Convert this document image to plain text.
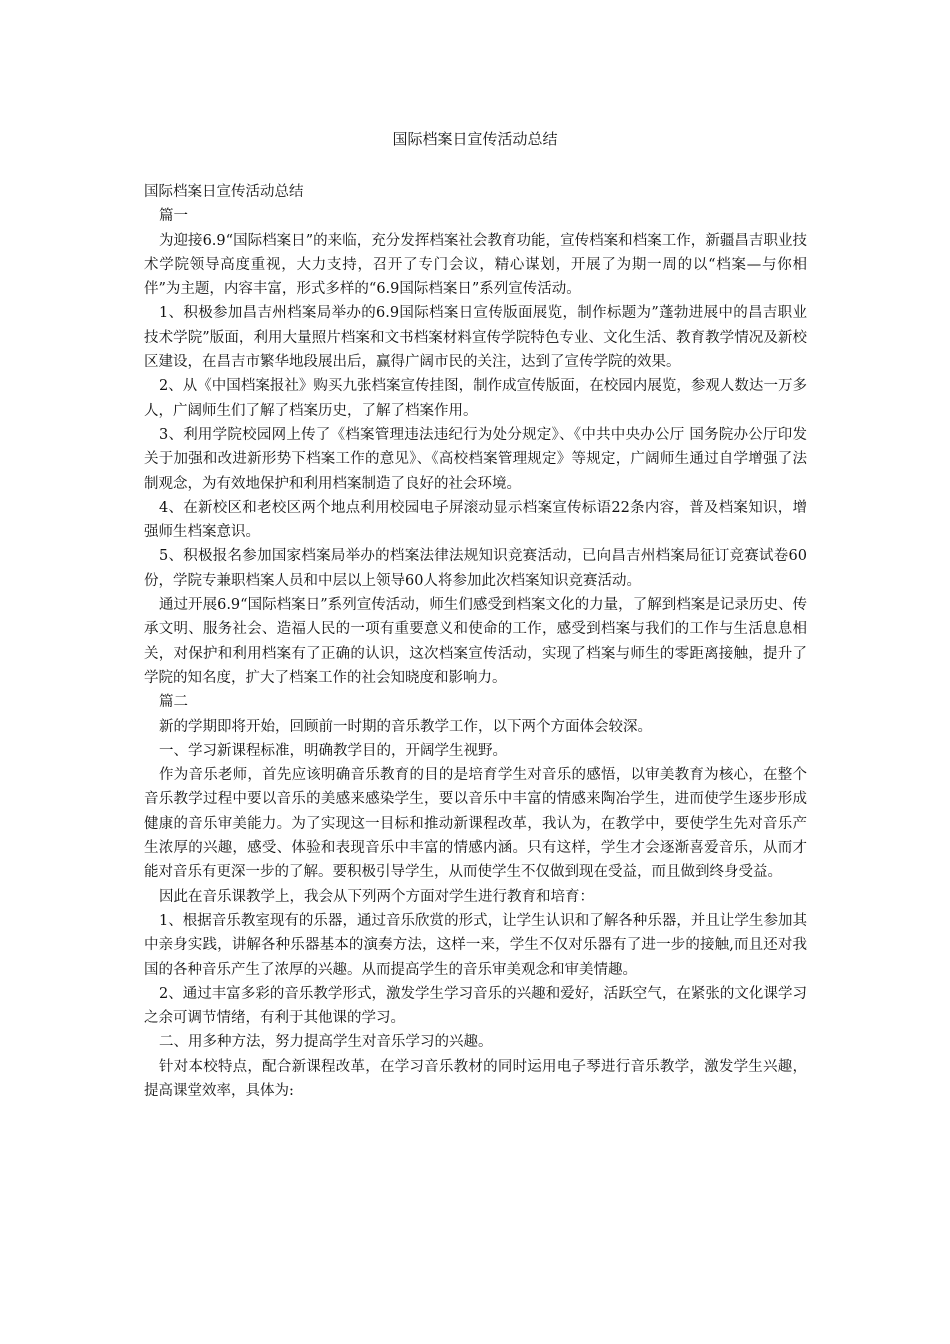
国际档案日宣传活动总结

国际档案日宣传活动总结

篇一

为迎接6.9“国际档案日”的来临，充分发挥档案社会教育功能，宣传档案和档案工作，新疆昌吉职业技术学院领导高度重视，大力支持，召开了专门会议，精心谋划，开展了为期一周的以“档案—与你相伴”为主题，内容丰富，形式多样的“6.9国际档案日”系列宣传活动。

1、积极参加昌吉州档案局举办的6.9国际档案日宣传版面展览，制作标题为”蓬勃进展中的昌吉职业技术学院”版面，利用大量照片档案和文书档案材料宣传学院特色专业、文化生活、教育教学情况及新校区建设，在昌吉市繁华地段展出后，赢得广阔市民的关注，达到了宣传学院的效果。

2、从《中国档案报社》购买九张档案宣传挂图，制作成宣传版面，在校园内展览，参观人数达一万多人，广阔师生们了解了档案历史，了解了档案作用。

3、利用学院校园网上传了《档案管理违法违纪行为处分规定》、《中共中央办公厅 国务院办公厅印发关于加强和改进新形势下档案工作的意见》、《高校档案管理规定》等规定，广阔师生通过自学增强了法制观念，为有效地保护和利用档案制造了良好的社会环境。

4、在新校区和老校区两个地点利用校园电子屏滚动显示档案宣传标语22条内容，普及档案知识，增强师生档案意识。

5、积极报名参加国家档案局举办的档案法律法规知识竞赛活动，已向昌吉州档案局征订竞赛试卷60份，学院专兼职档案人员和中层以上领导60人将参加此次档案知识竞赛活动。

通过开展6.9“国际档案日”系列宣传活动，师生们感受到档案文化的力量，了解到档案是记录历史、传承文明、服务社会、造福人民的一项有重要意义和使命的工作，感受到档案与我们的工作与生活息息相关，对保护和利用档案有了正确的认识，这次档案宣传活动，实现了档案与师生的零距离接触，提升了学院的知名度，扩大了档案工作的社会知晓度和影响力。

篇二

新的学期即将开始，回顾前一时期的音乐教学工作，以下两个方面体会较深。

一、学习新课程标准，明确教学目的，开阔学生视野。

作为音乐老师，首先应该明确音乐教育的目的是培育学生对音乐的感悟，以审美教育为核心，在整个音乐教学过程中要以音乐的美感来感染学生，要以音乐中丰富的情感来陶冶学生，进而使学生逐步形成健康的音乐审美能力。为了实现这一目标和推动新课程改革，我认为，在教学中，要使学生先对音乐产生浓厚的兴趣，感受、体验和表现音乐中丰富的情感内涵。只有这样，学生才会逐渐喜爱音乐，从而才能对音乐有更深一步的了解。要积极引导学生，从而使学生不仅做到现在受益，而且做到终身受益。

因此在音乐课教学上，我会从下列两个方面对学生进行教育和培育：

1、根据音乐教室现有的乐器，通过音乐欣赏的形式，让学生认识和了解各种乐器，并且让学生参加其中亲身实践，讲解各种乐器基本的演奏方法，这样一来，学生不仅对乐器有了进一步的接触,而且还对我国的各种音乐产生了浓厚的兴趣。从而提高学生的音乐审美观念和审美情趣。

2、通过丰富多彩的音乐教学形式，激发学生学习音乐的兴趣和爱好，活跃空气，在紧张的文化课学习之余可调节情绪，有利于其他课的学习。

二、用多种方法，努力提高学生对音乐学习的兴趣。

针对本校特点，配合新课程改革，在学习音乐教材的同时运用电子琴进行音乐教学，激发学生兴趣，提高课堂效率，具体为:
